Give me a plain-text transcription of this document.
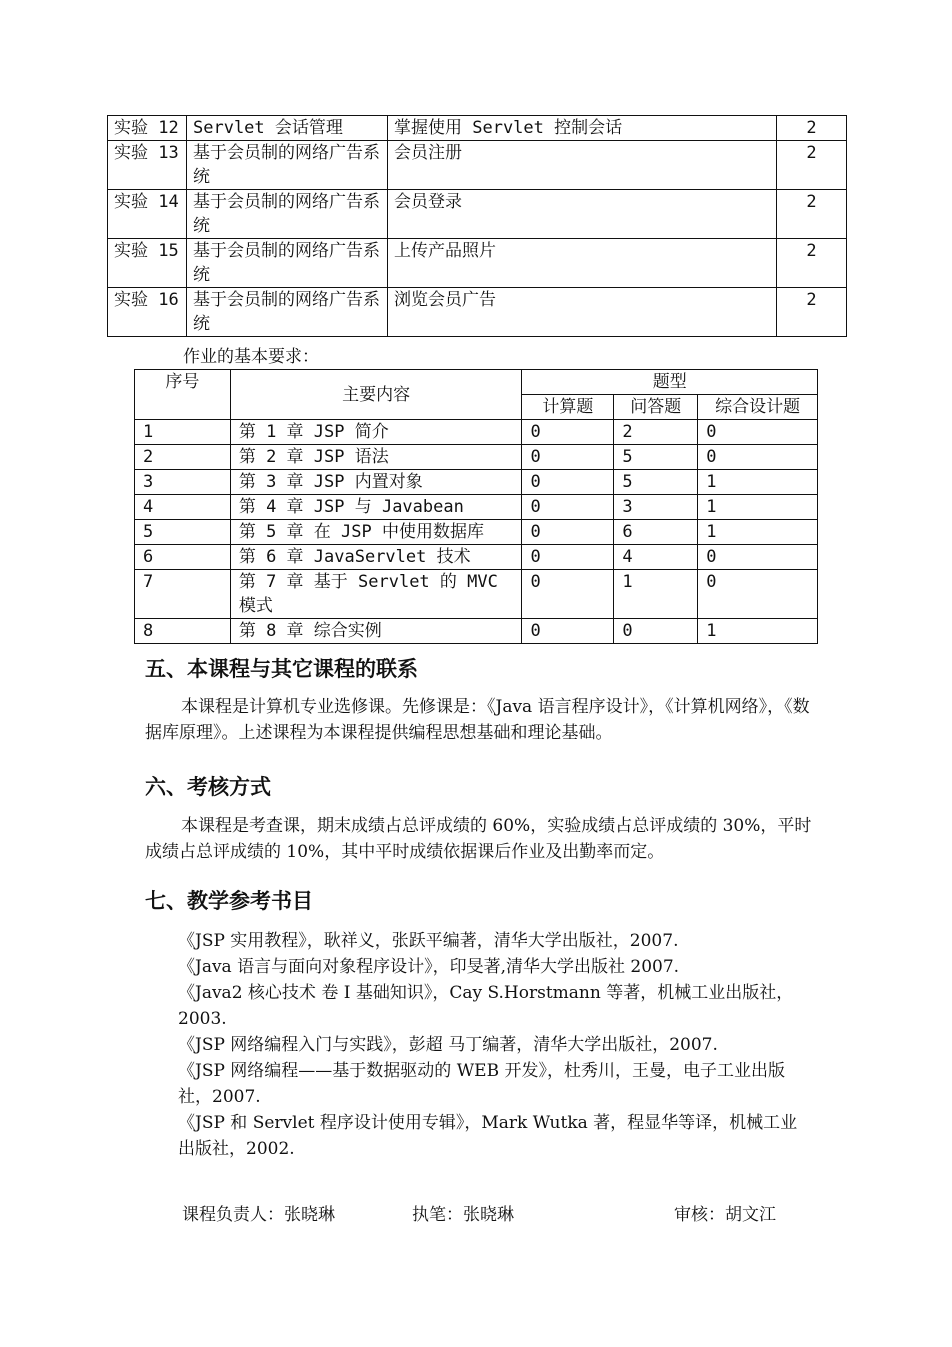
实验 12	Servlet 会话管理	掌握使用 Servlet 控制会话	2
实验 13	基于会员制的网络广告系统	会员注册	2
实验 14	基于会员制的网络广告系统	会员登录	2
实验 15	基于会员制的网络广告系统	上传产品照片	2
实验 16	基于会员制的网络广告系统	浏览会员广告	2
作业的基本要求：
序号	主要内容	题型		
		计算题	问答题	综合设计题
1	第 1 章 JSP 简介	0	2	0
2	第 2 章 JSP 语法	0	5	0
3	第 3 章 JSP 内置对象	0	5	1
4	第 4 章 JSP 与 Javabean	0	3	1
5	第 5 章 在 JSP 中使用数据库	0	6	1
6	第 6 章 JavaServlet 技术	0	4	0
7	第 7 章 基于 Servlet 的 MVC 模式	0	1	0
8	第 8 章 综合实例	0	0	1
五、本课程与其它课程的联系
本课程是计算机专业选修课。先修课是：《Java 语言程序设计》，《计算机网络》，《数据库原理》。上述课程为本课程提供编程思想基础和理论基础。
六、考核方式
本课程是考查课，期末成绩占总评成绩的 60%，实验成绩占总评成绩的 30%，平时成绩占总评成绩的 10%，其中平时成绩依据课后作业及出勤率而定。
七、教学参考书目
《JSP 实用教程》，耿祥义，张跃平编著，清华大学出版社，2007.
《Java 语言与面向对象程序设计》，印旻著,清华大学出版社 2007.
《Java2 核心技术 卷 I 基础知识》，Cay S.Horstmann 等著，机械工业出版社，2003.
《JSP 网络编程入门与实践》，彭超 马丁编著，清华大学出版社，2007.
《JSP 网络编程——基于数据驱动的 WEB 开发》，杜秀川，王曼，电子工业出版社，2007.
《JSP 和 Servlet 程序设计使用专辑》，Mark Wutka 著，程显华等译，机械工业出版社，2002.
课程负责人：张晓琳	执笔：张晓琳	审核：胡文江
